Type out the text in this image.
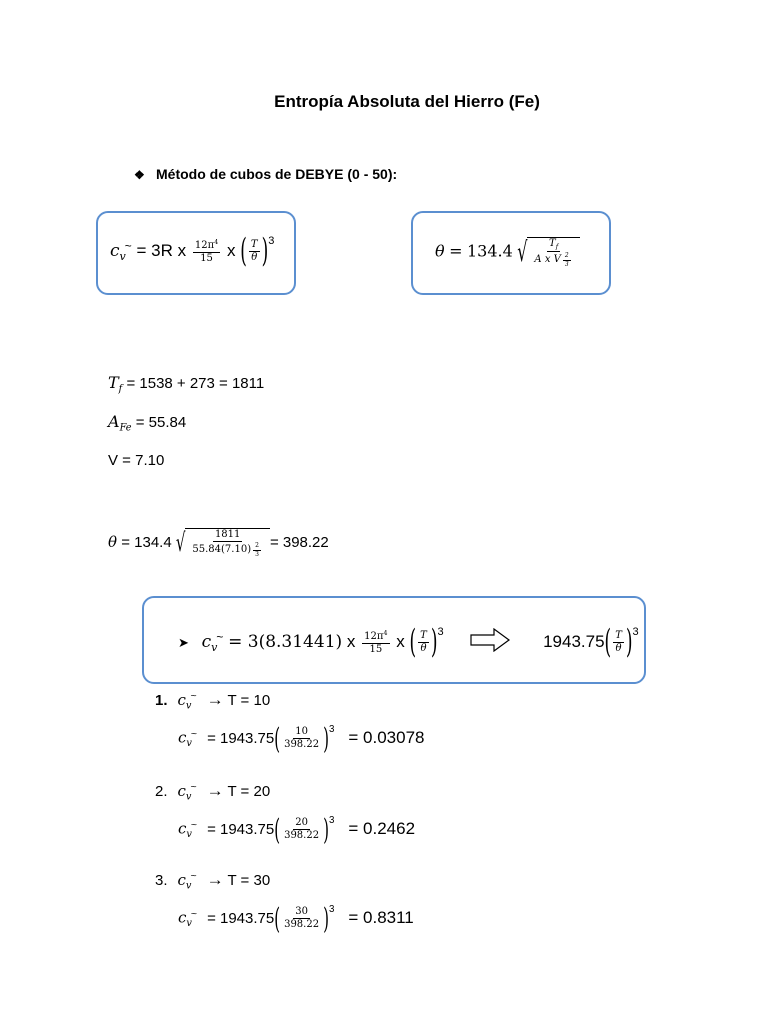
Entropía Absoluta del Hierro (Fe)
❖ Método de cubos de DEBYE (0 - 50):
$c_v^\sim = 3R$ x $\frac{12\pi^4}{15}$ x ( $\frac{T}{\theta} )^3$
θ = 134.4 √ $\frac{T_f}{A x V \frac{2}{3}}$
$T_f = 1538 + 273 = 1811$
$A_{Fe} = 55.84$
V = 7.10
θ = 134.4 √ $\frac{1811}{55.84(7.10) \frac{2}{3}} = 398.22$
➤ $c_v^\sim = 3(8.31441)$ x $\frac{12\pi^4}{15}$ x ( $\frac{T}{\theta} )^3$  $1943.75( \frac{T}{\theta} )^3$
1. $c_v^\sim \to T = 10$
$c_v^\sim = 1943.75( \frac{10}{398.22} )^3 = 0.03078$
2. $c_v^\sim \to T = 20$
$c_v^\sim = 1943.75( \frac{20}{398.22} )^3 = 0.2462$
3. $c_v^\sim \to T = 30$
$c_v^\sim = 1943.75( \frac{30}{398.22} )^3 = 0.8311$
